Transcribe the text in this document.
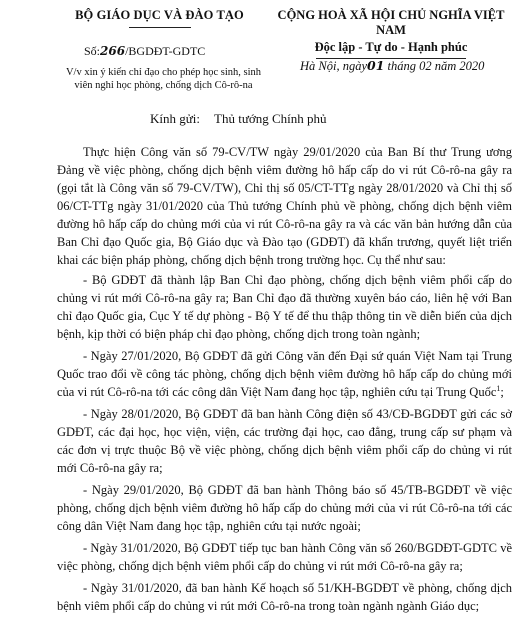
BỘ GIÁO DỤC VÀ ĐÀO TẠO
Số:266/BGDĐT-GDTC
V/v xin ý kiến chỉ đạo cho phép học sinh, sinh viên nghỉ học phòng, chống dịch Cô-rô-na
CỘNG HOÀ XÃ HỘI CHỦ NGHĨA VIỆT NAM
Độc lập - Tự do - Hạnh phúc
Hà Nội, ngày01 tháng 02 năm 2020
Kính gửi: Thủ tướng Chính phủ

Thực hiện Công văn số 79-CV/TW ngày 29/01/2020 của Ban Bí thư Trung ương Đảng về việc phòng, chống dịch bệnh viêm đường hô hấp cấp do vi rút Cô-rô-na gây ra (gọi tắt là Công văn số 79-CV/TW), Chỉ thị số 05/CT-TTg ngày 28/01/2020 và Chỉ thị số 06/CT-TTg ngày 31/01/2020 của Thủ tướng Chính phủ về phòng, chống dịch bệnh viêm đường hô hấp cấp do chủng mới của vi rút Cô-rô-na gây ra và các văn bản hướng dẫn của Ban Chỉ đạo Quốc gia, Bộ Giáo dục và Đào tạo (GDĐT) đã khẩn trương, quyết liệt triển khai các biện pháp phòng, chống dịch bệnh trong trường học. Cụ thể như sau:

- Bộ GDĐT đã thành lập Ban Chỉ đạo phòng, chống dịch bệnh viêm phổi cấp do chủng vi rút mới Cô-rô-na gây ra; Ban Chỉ đạo đã thường xuyên báo cáo, liên hệ với Ban chỉ đạo Quốc gia, Cục Y tế dự phòng - Bộ Y tế để thu thập thông tin về diễn biến của dịch bệnh, kịp thời có biện pháp chỉ đạo phòng, chống dịch trong toàn ngành;

- Ngày 27/01/2020, Bộ GDĐT đã gửi Công văn đến Đại sứ quán Việt Nam tại Trung Quốc trao đổi về công tác phòng, chống dịch bệnh viêm đường hô hấp cấp do chủng mới của vi rút Cô-rô-na tới các công dân Việt Nam đang học tập, nghiên cứu tại Trung Quốc$^1$;

- Ngày 28/01/2020, Bộ GDĐT đã ban hành Công điện số 43/CĐ-BGDĐT gửi các sở GDĐT, các đại học, học viện, viện, các trường đại học, cao đẳng, trung cấp sư phạm và các đơn vị trực thuộc Bộ về việc phòng, chống dịch bệnh viêm phổi cấp do chủng vi rút mới Cô-rô-na gây ra;

- Ngày 29/01/2020, Bộ GDĐT đã ban hành Thông báo số 45/TB-BGDĐT về việc phòng, chống dịch bệnh viêm đường hô hấp cấp do chủng mới của vi rút Cô-rô-na tới các công dân Việt Nam đang học tập, nghiên cứu tại nước ngoài;

- Ngày 31/01/2020, Bộ GDĐT tiếp tục ban hành Công văn số 260/BGDĐT-GDTC về việc phòng, chống dịch bệnh viêm phổi cấp do chủng vi rút mới Cô-rô-na gây ra;

- Ngày 31/01/2020, đã ban hành Kế hoạch số 51/KH-BGDĐT về phòng, chống dịch bệnh viêm phổi cấp do chủng vi rút mới Cô-rô-na trong toàn ngành ngành Giáo dục;
